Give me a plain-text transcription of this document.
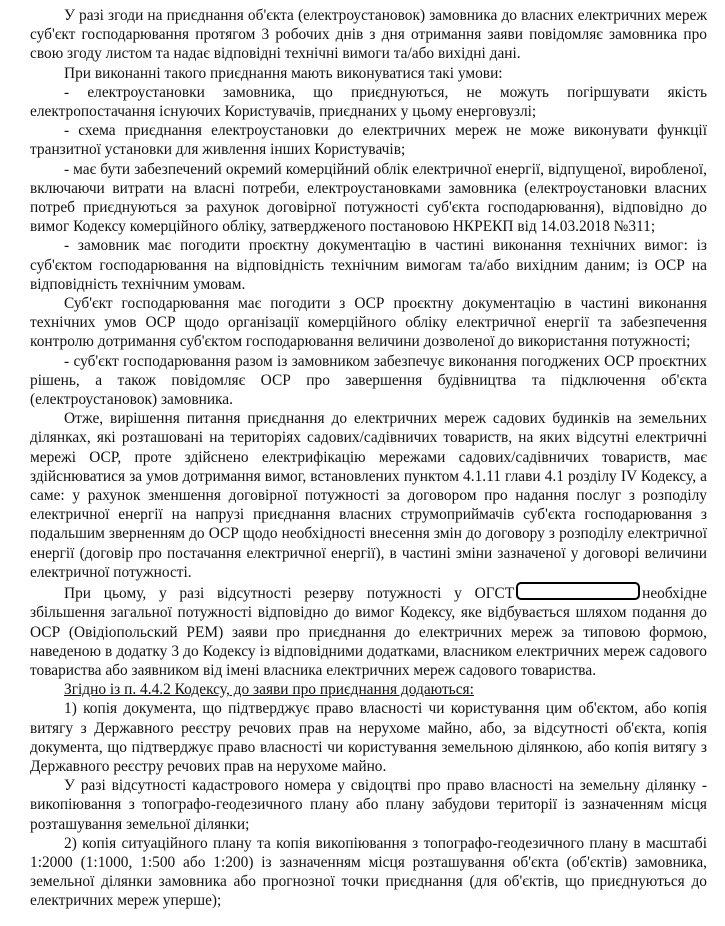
У разі згоди на приєднання об'єкта (електроустановок) замовника до власних електричних мереж суб'єкт господарювання протягом 3 робочих днів з дня отримання заяви повідомляє замовника про свою згоду листом та надає відповідні технічні вимоги та/або вихідні дані.

При виконанні такого приєднання мають виконуватися такі умови:

- електроустановки замовника, що приєднуються, не можуть погіршувати якість електропостачання існуючих Користувачів, приєднаних у цьому енерговузлі;

- схема приєднання електроустановки до електричних мереж не може виконувати функції транзитної установки для живлення інших Користувачів;

- має бути забезпечений окремий комерційний облік електричної енергії, відпущеної, виробленої, включаючи витрати на власні потреби, електроустановками замовника (електроустановки власних потреб приєднуються за рахунок договірної потужності суб'єкта господарювання), відповідно до вимог Кодексу комерційного обліку, затвердженого постановою НКРЕКП від 14.03.2018 №311;

- замовник має погодити проєктну документацію в частині виконання технічних вимог: із суб'єктом господарювання на відповідність технічним вимогам та/або вихідним даним; із ОСР на відповідність технічним умовам.

Суб'єкт господарювання має погодити з ОСР проєктну документацію в частині виконання технічних умов ОСР щодо організації комерційного обліку електричної енергії та забезпечення контролю дотримання суб'єктом господарювання величини дозволеної до використання потужності;

- суб'єкт господарювання разом із замовником забезпечує виконання погоджених ОСР проєктних рішень, а також повідомляє ОСР про завершення будівництва та підключення об'єкта (електроустановок) замовника.

Отже, вирішення питання приєднання до електричних мереж садових будинків на земельних ділянках, які розташовані на територіях садових/садівничих товариств, на яких відсутні електричні мережі ОСР, проте здійснено електрифікацію мережами садових/садівничих товариств, має здійснюватися за умов дотримання вимог, встановлених пунктом 4.1.11 глави 4.1 розділу IV Кодексу, а саме: у рахунок зменшення договірної потужності за договором про надання послуг з розподілу електричної енергії на напрузі приєднання власних струмоприймачів суб'єкта господарювання з подальшим зверненням до ОСР щодо необхідності внесення змін до договору з розподілу електричної енергії (договір про постачання електричної енергії), в частині зміни зазначеної у договорі величини електричної потужності.

При цьому, у разі відсутності резерву потужності у ОГСТ	необхідне збільшення загальної потужності відповідно до вимог Кодексу, яке відбувається шляхом подання до ОСР (Овідіопольский РЕМ) заяви про приєднання до електричних мереж за типовою формою, наведеною в додатку 3 до Кодексу із відповідними додатками, власником електричних мереж садового товариства або заявником від імені власника електричних мереж садового товариства.

Згідно із п. 4.4.2 Кодексу, до заяви про приєднання додаються:

1) копія документа, що підтверджує право власності чи користування цим об'єктом, або копія витягу з Державного реєстру речових прав на нерухоме майно, або, за відсутності об'єкта, копія документа, що підтверджує право власності чи користування земельною ділянкою, або копія витягу з Державного реєстру речових прав на нерухоме майно.

У разі відсутності кадастрового номера у свідоцтві про право власності на земельну ділянку - викопіювання з топографо-геодезичного плану або плану забудови території із зазначенням місця розташування земельної ділянки;

2) копія ситуаційного плану та копія викопіювання з топографо-геодезичного плану в масштабі 1:2000 (1:1000, 1:500 або 1:200) із зазначенням місця розташування об'єкта (об'єктів) замовника, земельної ділянки замовника або прогнозної точки приєднання (для об'єктів, що приєднуються до електричних мереж уперше);
